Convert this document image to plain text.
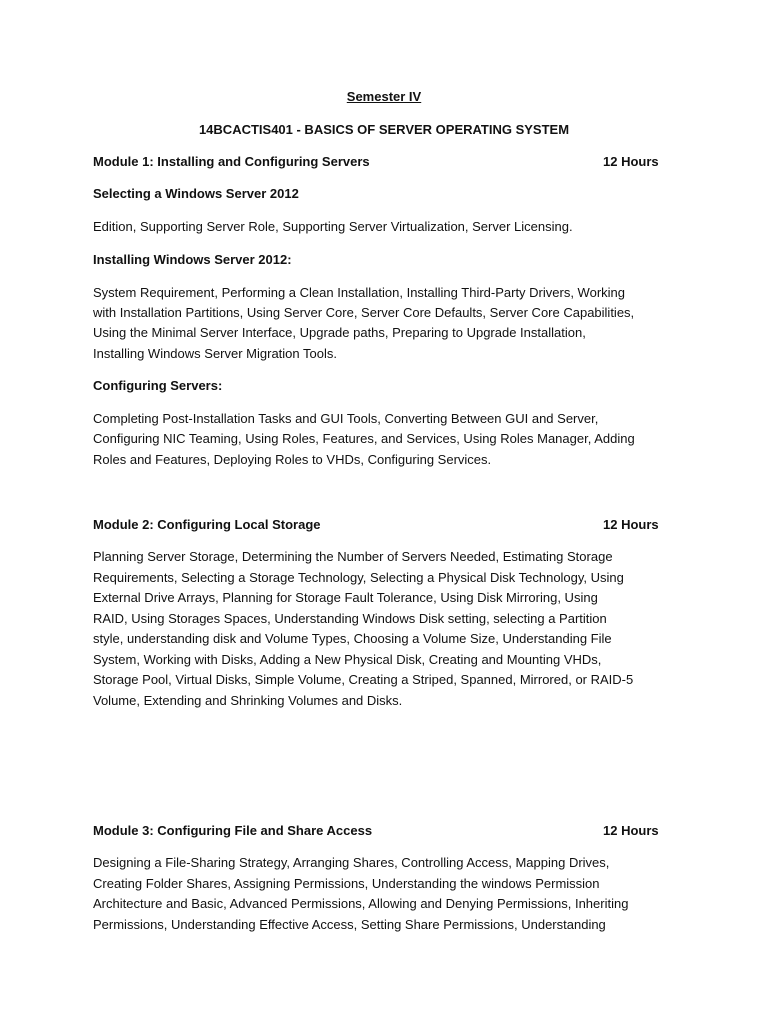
Semester IV
14BCACTIS401 - BASICS OF SERVER OPERATING SYSTEM
Module 1: Installing and Configuring Servers	12 Hours
Selecting a Windows Server 2012
Edition, Supporting Server Role, Supporting Server Virtualization, Server Licensing.
Installing Windows Server 2012:
System Requirement, Performing a Clean Installation, Installing Third-Party Drivers, Working
with Installation Partitions, Using Server Core, Server Core Defaults, Server Core Capabilities,
Using the Minimal Server Interface, Upgrade paths, Preparing to Upgrade Installation,
Installing Windows Server Migration Tools.
Configuring Servers:
Completing Post-Installation Tasks and GUI Tools, Converting Between GUI and Server,
Configuring NIC Teaming, Using Roles, Features, and Services, Using Roles Manager, Adding
Roles and Features, Deploying Roles to VHDs, Configuring Services.
Module 2: Configuring Local Storage	12 Hours
Planning Server Storage, Determining the Number of Servers Needed, Estimating Storage
Requirements, Selecting a Storage Technology, Selecting a Physical Disk Technology, Using
External Drive Arrays, Planning for Storage Fault Tolerance, Using Disk Mirroring, Using
RAID, Using Storages Spaces, Understanding Windows Disk setting, selecting a Partition
style, understanding disk and Volume Types, Choosing a Volume Size, Understanding File
System, Working with Disks, Adding a New Physical Disk, Creating and Mounting VHDs,
Storage Pool, Virtual Disks, Simple Volume, Creating a Striped, Spanned, Mirrored, or RAID-5
Volume, Extending and Shrinking Volumes and Disks.
Module 3: Configuring File and Share Access	12 Hours
Designing a File-Sharing Strategy, Arranging Shares, Controlling Access, Mapping Drives,
Creating Folder Shares, Assigning Permissions, Understanding the windows Permission
Architecture and Basic, Advanced Permissions, Allowing and Denying Permissions, Inheriting
Permissions, Understanding Effective Access, Setting Share Permissions, Understanding
